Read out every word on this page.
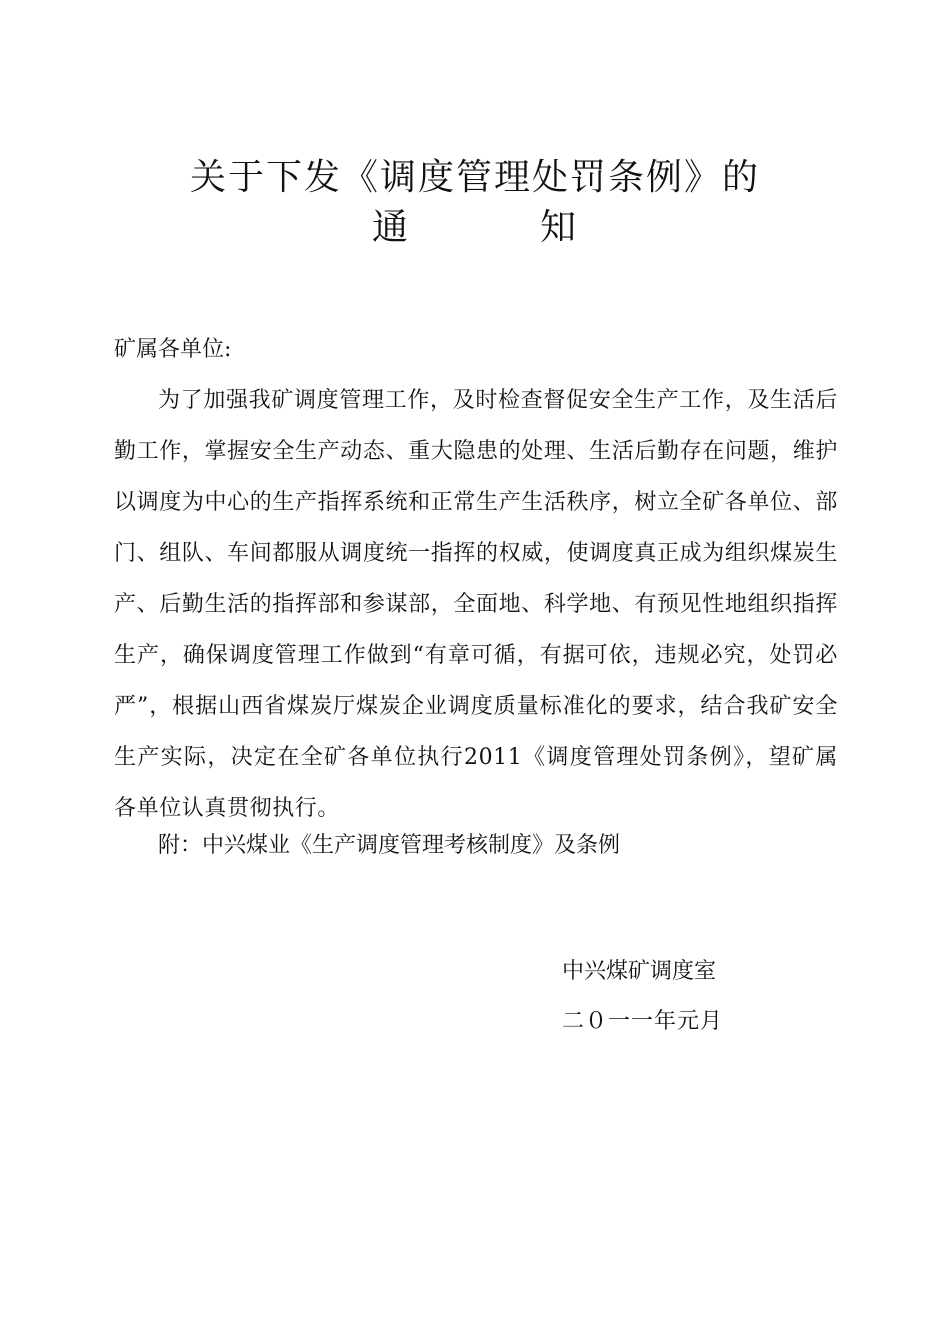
关于下发《调度管理处罚条例》的
通	知

矿属各单位:

为了加强我矿调度管理工作，及时检查督促安全生产工作，及生活后勤工作，掌握安全生产动态、重大隐患的处理、生活后勤存在问题，维护以调度为中心的生产指挥系统和正常生产生活秩序，树立全矿各单位、部门、组队、车间都服从调度统一指挥的权威，使调度真正成为组织煤炭生产、后勤生活的指挥部和参谋部，全面地、科学地、有预见性地组织指挥生产，确保调度管理工作做到“有章可循，有据可依，违规必究，处罚必严”，根据山西省煤炭厅煤炭企业调度质量标准化的要求，结合我矿安全生产实际，决定在全矿各单位执行2011《调度管理处罚条例》，望矿属各单位认真贯彻执行。

附：中兴煤业《生产调度管理考核制度》及条例

中兴煤矿调度室

二０一一年元月
